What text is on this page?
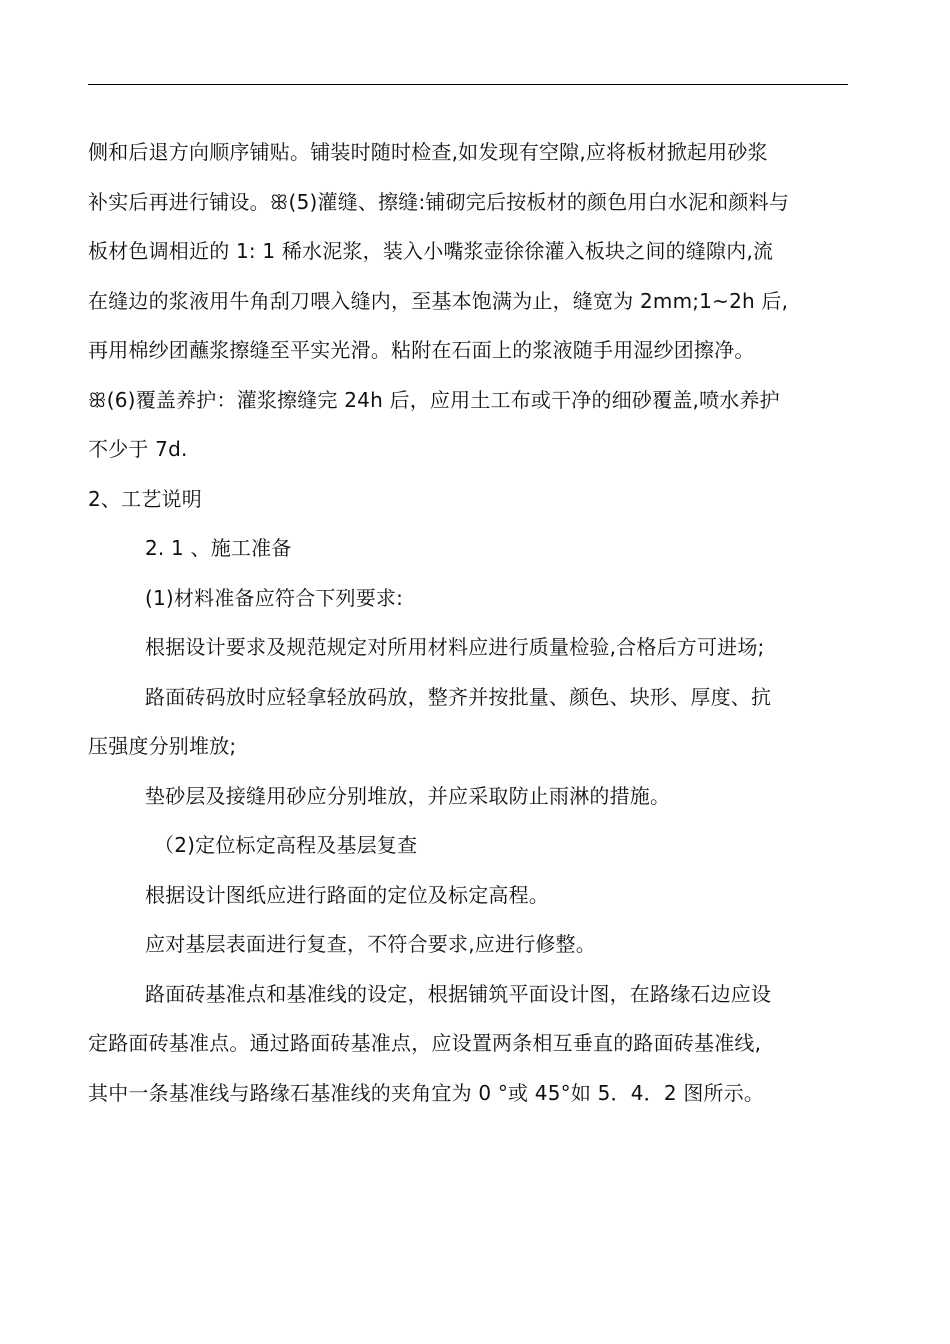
侧和后退方向顺序铺贴。铺装时随时检查,如发现有空隙,应将板材掀起用砂浆

补实后再进行铺设。ꕥ(5)灌缝、擦缝:铺砌完后按板材的颜色用白水泥和颜料与

板材色调相近的 1: 1 稀水泥浆，装入小嘴浆壶徐徐灌入板块之间的缝隙内,流

在缝边的浆液用牛角刮刀喂入缝内，至基本饱满为止，缝宽为 2mm;1~2h 后,

再用棉纱团蘸浆擦缝至平实光滑。粘附在石面上的浆液随手用湿纱团擦净。

ꕥ(6)覆盖养护：灌浆擦缝完 24h 后，应用土工布或干净的细砂覆盖,喷水养护

不少于 7d.

2、工艺说明

2. 1 、施工准备

(1)材料准备应符合下列要求:

根据设计要求及规范规定对所用材料应进行质量检验,合格后方可进场;

路面砖码放时应轻拿轻放码放，整齐并按批量、颜色、块形、厚度、抗

压强度分别堆放;

垫砂层及接缝用砂应分别堆放，并应采取防止雨淋的措施。

（2)定位标定高程及基层复查

根据设计图纸应进行路面的定位及标定高程。

应对基层表面进行复查，不符合要求,应进行修整。

路面砖基准点和基准线的设定，根据铺筑平面设计图，在路缘石边应设

定路面砖基准点。通过路面砖基准点，应设置两条相互垂直的路面砖基准线,

其中一条基准线与路缘石基准线的夹角宜为 0 °或 45°如 5．4．2 图所示。
